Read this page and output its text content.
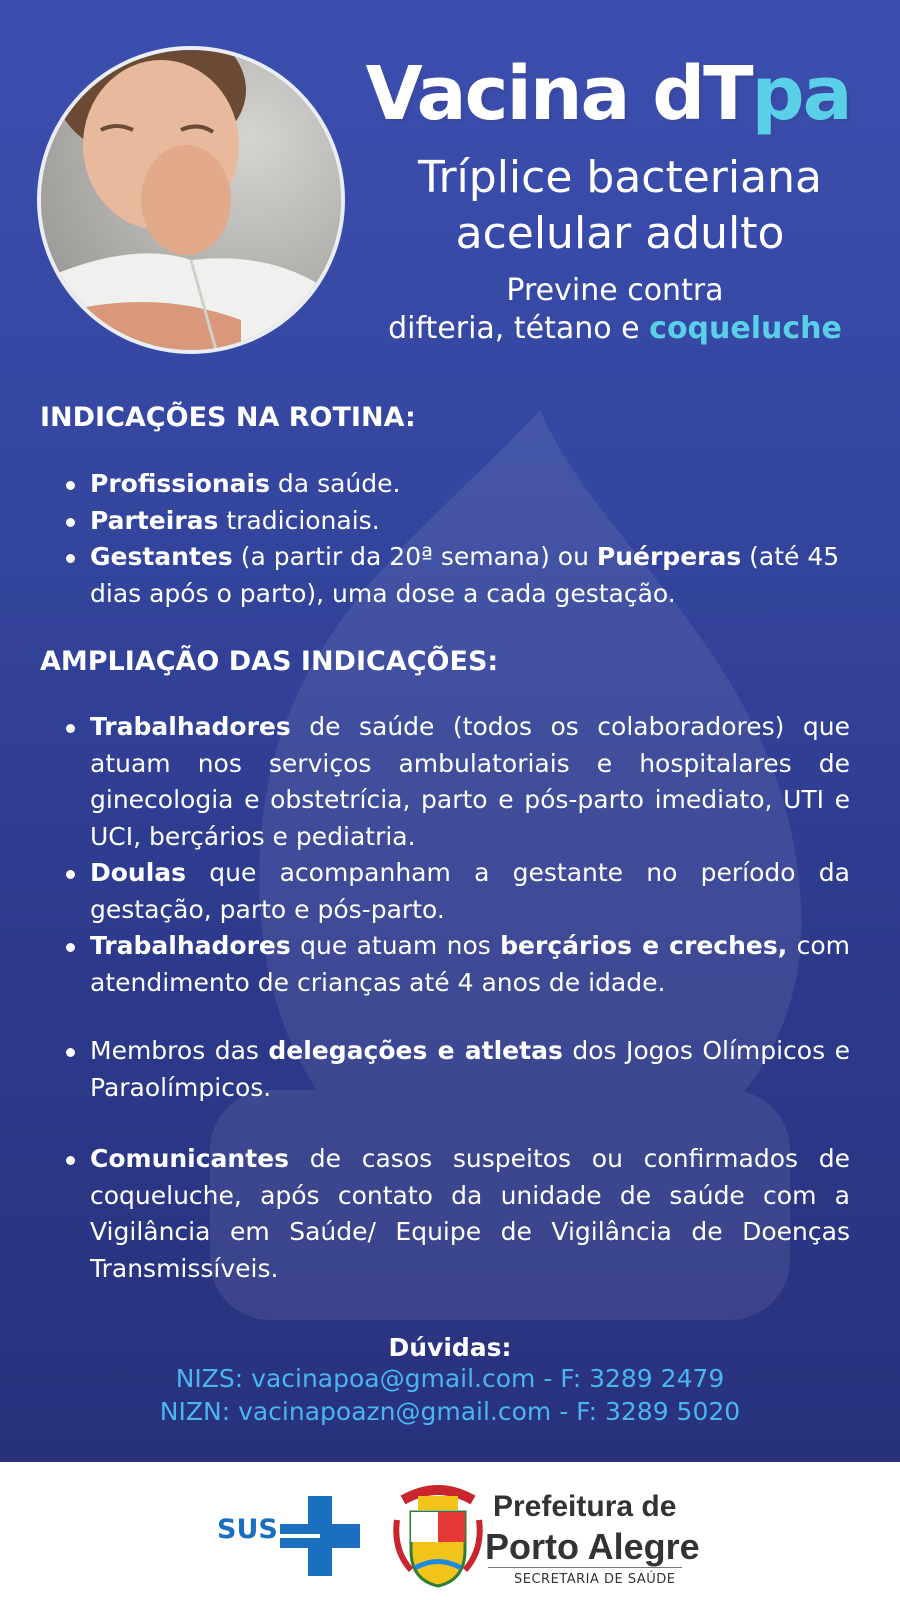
Vacina dTpa
Tríplice bacteriana
acelular adulto
Previne contra
difteria, tétano e coqueluche
INDICAÇÕES NA ROTINA:
Profissionais da saúde.
Parteiras tradicionais.
Gestantes (a partir da 20ª semana) ou Puérperas (até 45 dias após o parto), uma dose a cada gestação.
AMPLIAÇÃO DAS INDICAÇÕES:
Trabalhadores de saúde (todos os colaboradores) que atuam nos serviços ambulatoriais e hospitalares de ginecologia e obstetrícia, parto e pós-parto imediato, UTI e UCI, berçários e pediatria.
Doulas que acompanham a gestante no período da gestação, parto e pós-parto.
Trabalhadores que atuam nos berçários e creches, com atendimento de crianças até 4 anos de idade.
Membros das delegações e atletas dos Jogos Olímpicos e Paraolímpicos.
Comunicantes de casos suspeitos ou confirmados de coqueluche, após contato da unidade de saúde com a Vigilância em Saúde/ Equipe de Vigilância de Doenças Transmissíveis.
Dúvidas:
NIZS: vacinapoa@gmail.com - F: 3289 2479
NIZN: vacinapoazn@gmail.com - F: 3289 5020
SUS
Prefeitura de
Porto Alegre
SECRETARIA DE SAÚDE
